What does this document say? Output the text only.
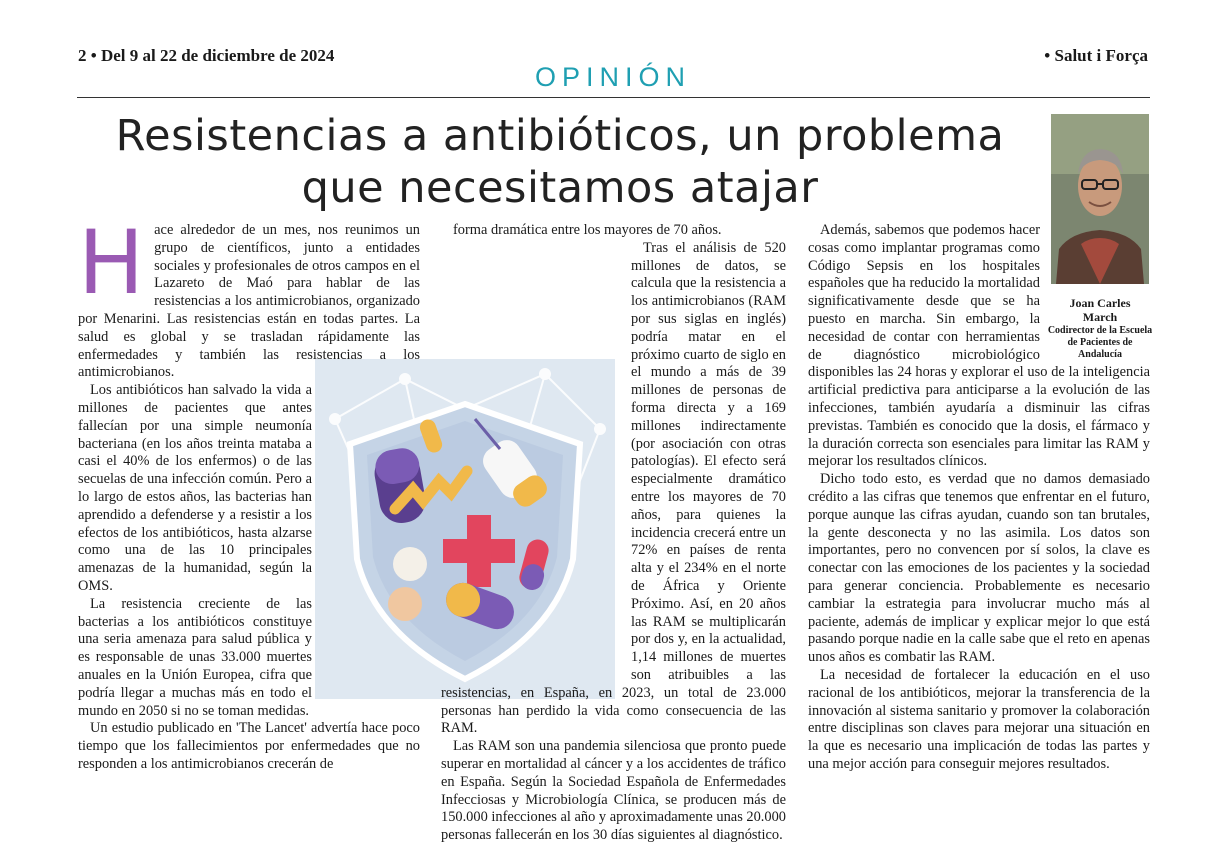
2 • Del 9 al 22 de diciembre de 2024	• Salut i Força
OPINIÓN
Resistencias a antibióticos, un problema que necesitamos atajar
Joan Carles March
Codirector de la Escuela de Pacientes de Andalucía

Hace alrededor de un mes, nos reunimos un grupo de científicos, junto a entidades sociales y profesionales de otros campos en el Lazareto de Maó para hablar de las resistencias a los antimicrobianos, organizado por Menarini. Las resistencias están en todas partes. La salud es global y se trasladan rápidamente las enfermedades y también las resistencias a los antimicrobianos.

Los antibióticos han salvado la vida a millones de pacientes que antes fallecían por una simple neumonía bacteriana (en los años treinta mataba a casi el 40% de los enfermos) o de las secuelas de una infección común. Pero a lo largo de estos años, las bacterias han aprendido a defenderse y a resistir a los efectos de los antibióticos, hasta alzarse como una de las 10 principales amenazas de la humanidad, según la OMS.

La resistencia creciente de las bacterias a los antibióticos constituye una seria amenaza para salud pública y es responsable de unas 33.000 muertes anuales en la Unión Europea, cifra que podría llegar a muchas más en todo el mundo en 2050 si no se toman medidas.

Un estudio publicado en 'The Lancet' advertía hace poco tiempo que los fallecimientos por enfermedades que no responden a los antimicrobianos crecerán de

forma dramática entre los mayores de 70 años.

Tras el análisis de 520 millones de datos, se calcula que la resistencia a los antimicrobianos (RAM por sus siglas en inglés) podría matar en el próximo cuarto de siglo en el mundo a más de 39 millones de personas de forma directa y a 169 millones indirectamente (por asociación con otras patologías). El efecto será especialmente dramático entre los mayores de 70 años, para quienes la incidencia crecerá entre un 72% en países de renta alta y el 234% en el norte de África y Oriente Próximo. Así, en 20 años las RAM se multiplicarán por dos y, en la actualidad, 1,14 millones de muertes son atribuibles a las resistencias, en España, en 2023, un total de 23.000 personas han perdido la vida como consecuencia de las RAM.

Las RAM son una pandemia silenciosa que pronto puede superar en mortalidad al cáncer y a los accidentes de tráfico en España. Según la Sociedad Española de Enfermedades Infecciosas y Microbiología Clínica, se producen más de 150.000 infecciones al año y aproximadamente unas 20.000 personas fallecerán en los 30 días siguientes al diagnóstico.

Además, sabemos que podemos hacer cosas como implantar programas como Código Sepsis en los hospitales españoles que ha reducido la mortalidad significativamente desde que se ha puesto en marcha. Sin embargo, la necesidad de contar con herramientas de diagnóstico microbiológico disponibles las 24 horas y explorar el uso de la inteligencia artificial predictiva para anticiparse a la evolución de las infecciones, también ayudaría a disminuir las cifras previstas. También es conocido que la dosis, el fármaco y la duración correcta son esenciales para limitar las RAM y mejorar los resultados clínicos.

Dicho todo esto, es verdad que no damos demasiado crédito a las cifras que tenemos que enfrentar en el futuro, porque aunque las cifras ayudan, cuando son tan brutales, la gente desconecta y no las asimila. Los datos son importantes, pero no convencen por sí solos, la clave es conectar con las emociones de los pacientes y la sociedad para generar conciencia. Probablemente es necesario cambiar la estrategia para involucrar mucho más al paciente, además de implicar y explicar mejor lo que está pasando porque nadie en la calle sabe que el reto en apenas unos años es combatir las RAM.

La necesidad de fortalecer la educación en el uso racional de los antibióticos, mejorar la transferencia de la innovación al sistema sanitario y promover la colaboración entre disciplinas son claves para mejorar una situación en la que es necesario una implicación de todas las partes y una mejor acción para conseguir mejores resultados.
